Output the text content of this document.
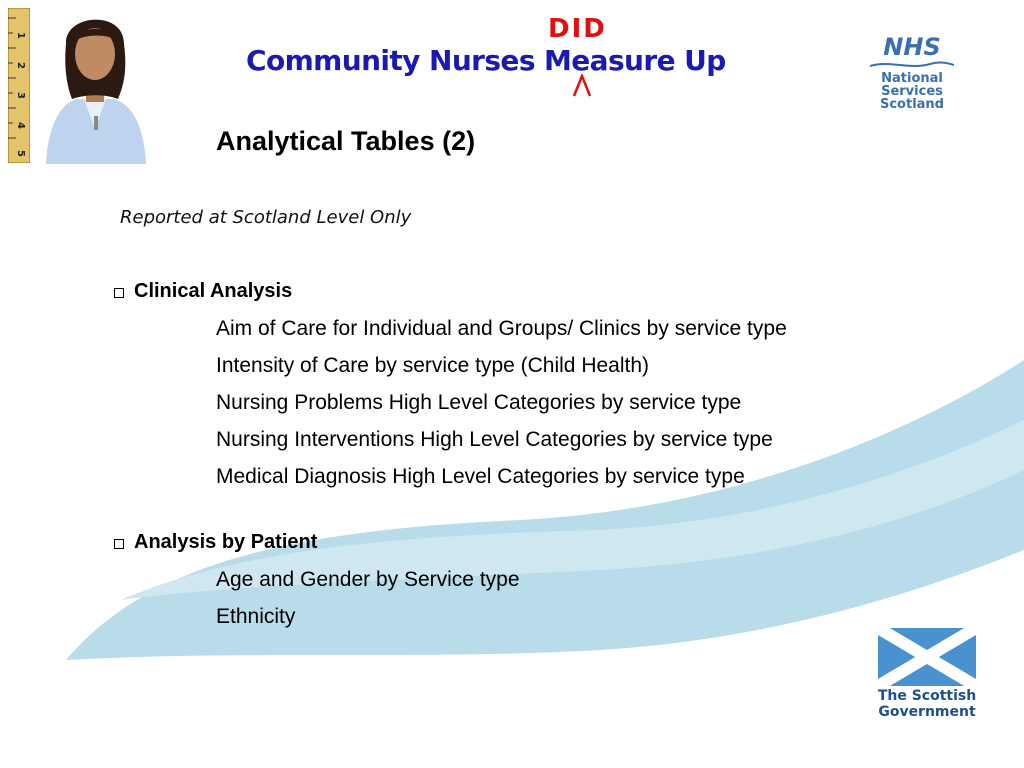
1
2
3
4
5
Community Nurses Measure Up
DID
NHS
National
Services
Scotland
Analytical Tables (2)
Reported at Scotland Level Only
Clinical Analysis
Aim of Care for Individual and Groups/ Clinics by service type
Intensity of Care by service type (Child Health)
Nursing Problems High Level Categories by service type
Nursing Interventions High Level Categories by service type
Medical Diagnosis High Level Categories by service type
Analysis by Patient
Age and Gender by Service type
Ethnicity
The Scottish
Government
